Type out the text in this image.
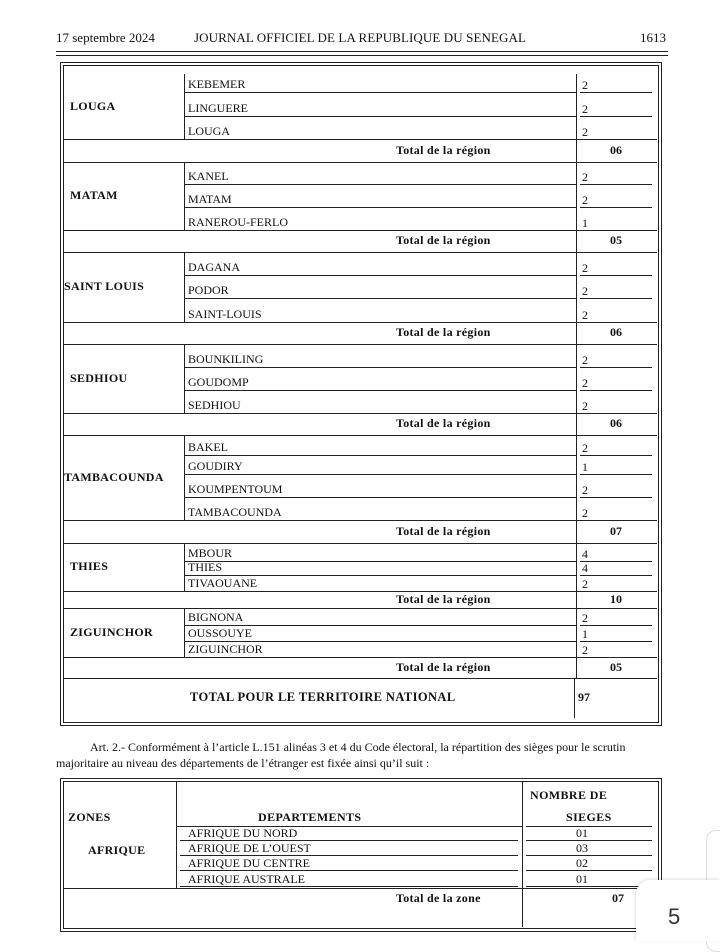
17 septembre 2024	JOURNAL OFFICIEL DE LA REPUBLIQUE DU SENEGAL	1613
LOUGA
KEBEMER	2
LINGUERE	2
LOUGA	2
Total de la région	06
MATAM
KANEL	2
MATAM	2
RANEROU-FERLO	1
Total de la région	05
SAINT LOUIS
DAGANA	2
PODOR	2
SAINT-LOUIS	2
Total de la région	06
SEDHIOU
BOUNKILING	2
GOUDOMP	2
SEDHIOU	2
Total de la région	06
TAMBACOUNDA
BAKEL	2
GOUDIRY	1
KOUMPENTOUM	2
TAMBACOUNDA	2
Total de la région	07
THIES
MBOUR	4
THIES	4
TIVAOUANE	2
Total de la région	10
ZIGUINCHOR
BIGNONA	2
OUSSOUYE	1
ZIGUINCHOR	2
Total de la région	05
TOTAL POUR LE TERRITOIRE NATIONAL	97
Art. 2.- Conformément à l’article L.151 alinéas 3 et 4 du Code électoral, la répartition des sièges pour le scrutin majoritaire au niveau des départements de l’étranger est fixée ainsi qu’il suit :
NOMBRE DE
ZONES	DEPARTEMENTS	SIEGES
AFRIQUE
AFRIQUE DU NORD	01
AFRIQUE DE L’OUEST	03
AFRIQUE DU CENTRE	02
AFRIQUE AUSTRALE	01
Total de la zone	07
5
